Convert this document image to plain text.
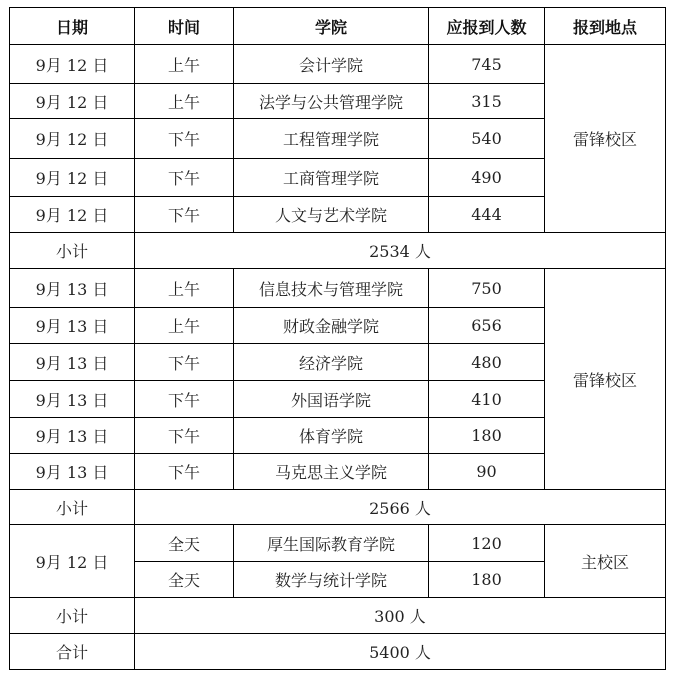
日期	时间	学院	应报到人数	报到地点
9月 12 日	上午	会计学院	745	雷锋校区
9月 12 日	上午	法学与公共管理学院	315	
9月 12 日	下午	工程管理学院	540	
9月 12 日	下午	工商管理学院	490	
9月 12 日	下午	人文与艺术学院	444	
小计	2534 人			
9月 13 日	上午	信息技术与管理学院	750	雷锋校区
9月 13 日	上午	财政金融学院	656	
9月 13 日	下午	经济学院	480	
9月 13 日	下午	外国语学院	410	
9月 13 日	下午	体育学院	180	
9月 13 日	下午	马克思主义学院	90	
小计	2566 人			
9月 12 日	全天	厚生国际教育学院	120	主校区
	全天	数学与统计学院	180	
小计	300 人			
合计	5400 人			
